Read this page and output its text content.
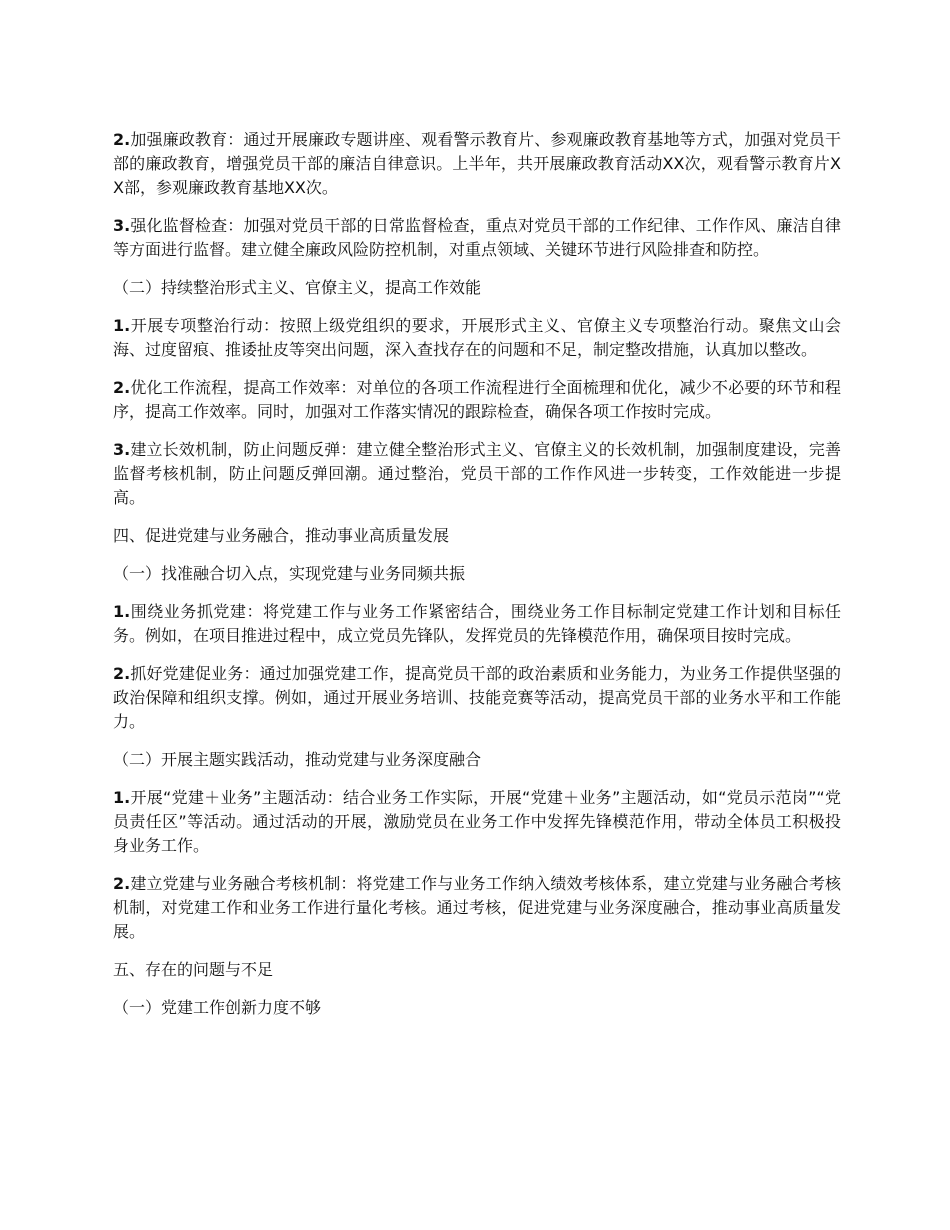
2.加强廉政教育：通过开展廉政专题讲座、观看警示教育片、参观廉政教育基地等方式，加强对党员干部的廉政教育，增强党员干部的廉洁自律意识。上半年，共开展廉政教育活动XX次，观看警示教育片XX部，参观廉政教育基地XX次。

3.强化监督检查：加强对党员干部的日常监督检查，重点对党员干部的工作纪律、工作作风、廉洁自律等方面进行监督。建立健全廉政风险防控机制，对重点领域、关键环节进行风险排查和防控。

（二）持续整治形式主义、官僚主义，提高工作效能

1.开展专项整治行动：按照上级党组织的要求，开展形式主义、官僚主义专项整治行动。聚焦文山会海、过度留痕、推诿扯皮等突出问题，深入查找存在的问题和不足，制定整改措施，认真加以整改。

2.优化工作流程，提高工作效率：对单位的各项工作流程进行全面梳理和优化，减少不必要的环节和程序，提高工作效率。同时，加强对工作落实情况的跟踪检查，确保各项工作按时完成。

3.建立长效机制，防止问题反弹：建立健全整治形式主义、官僚主义的长效机制，加强制度建设，完善监督考核机制，防止问题反弹回潮。通过整治，党员干部的工作作风进一步转变，工作效能进一步提高。

四、促进党建与业务融合，推动事业高质量发展

（一）找准融合切入点，实现党建与业务同频共振

1.围绕业务抓党建：将党建工作与业务工作紧密结合，围绕业务工作目标制定党建工作计划和目标任务。例如，在项目推进过程中，成立党员先锋队，发挥党员的先锋模范作用，确保项目按时完成。

2.抓好党建促业务：通过加强党建工作，提高党员干部的政治素质和业务能力，为业务工作提供坚强的政治保障和组织支撑。例如，通过开展业务培训、技能竞赛等活动，提高党员干部的业务水平和工作能力。

（二）开展主题实践活动，推动党建与业务深度融合

1.开展“党建＋业务”主题活动：结合业务工作实际，开展“党建＋业务”主题活动，如“党员示范岗”“党员责任区”等活动。通过活动的开展，激励党员在业务工作中发挥先锋模范作用，带动全体员工积极投身业务工作。

2.建立党建与业务融合考核机制：将党建工作与业务工作纳入绩效考核体系，建立党建与业务融合考核机制，对党建工作和业务工作进行量化考核。通过考核，促进党建与业务深度融合，推动事业高质量发展。

五、存在的问题与不足

（一）党建工作创新力度不够
